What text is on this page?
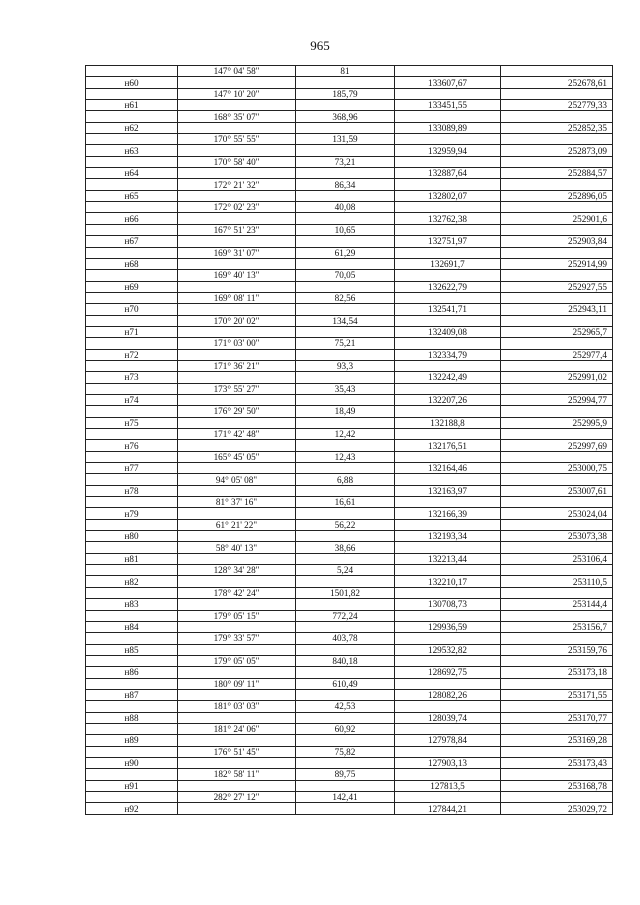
965
	147° 04' 58"	81		
н60			133607,67	252678,61
	147° 10' 20"	185,79		
н61			133451,55	252779,33
	168° 35' 07"	368,96		
н62			133089,89	252852,35
	170° 55' 55"	131,59		
н63			132959,94	252873,09
	170° 58' 40"	73,21		
н64			132887,64	252884,57
	172° 21' 32"	86,34		
н65			132802,07	252896,05
	172° 02' 23"	40,08		
н66			132762,38	252901,6
	167° 51' 23"	10,65		
н67			132751,97	252903,84
	169° 31' 07"	61,29		
н68			132691,7	252914,99
	169° 40' 13"	70,05		
н69			132622,79	252927,55
	169° 08' 11"	82,56		
н70			132541,71	252943,11
	170° 20' 02"	134,54		
н71			132409,08	252965,7
	171° 03' 00"	75,21		
н72			132334,79	252977,4
	171° 36' 21"	93,3		
н73			132242,49	252991,02
	173° 55' 27"	35,43		
н74			132207,26	252994,77
	176° 29' 50"	18,49		
н75			132188,8	252995,9
	171° 42' 48"	12,42		
н76			132176,51	252997,69
	165° 45' 05"	12,43		
н77			132164,46	253000,75
	94° 05' 08"	6,88		
н78			132163,97	253007,61
	81° 37' 16"	16,61		
н79			132166,39	253024,04
	61° 21' 22"	56,22		
н80			132193,34	253073,38
	58° 40' 13"	38,66		
н81			132213,44	253106,4
	128° 34' 28"	5,24		
н82			132210,17	253110,5
	178° 42' 24"	1501,82		
н83			130708,73	253144,4
	179° 05' 15"	772,24		
н84			129936,59	253156,7
	179° 33' 57"	403,78		
н85			129532,82	253159,76
	179° 05' 05"	840,18		
н86			128692,75	253173,18
	180° 09' 11"	610,49		
н87			128082,26	253171,55
	181° 03' 03"	42,53		
н88			128039,74	253170,77
	181° 24' 06"	60,92		
н89			127978,84	253169,28
	176° 51' 45"	75,82		
н90			127903,13	253173,43
	182° 58' 11"	89,75		
н91			127813,5	253168,78
	282° 27' 12"	142,41		
н92			127844,21	253029,72
